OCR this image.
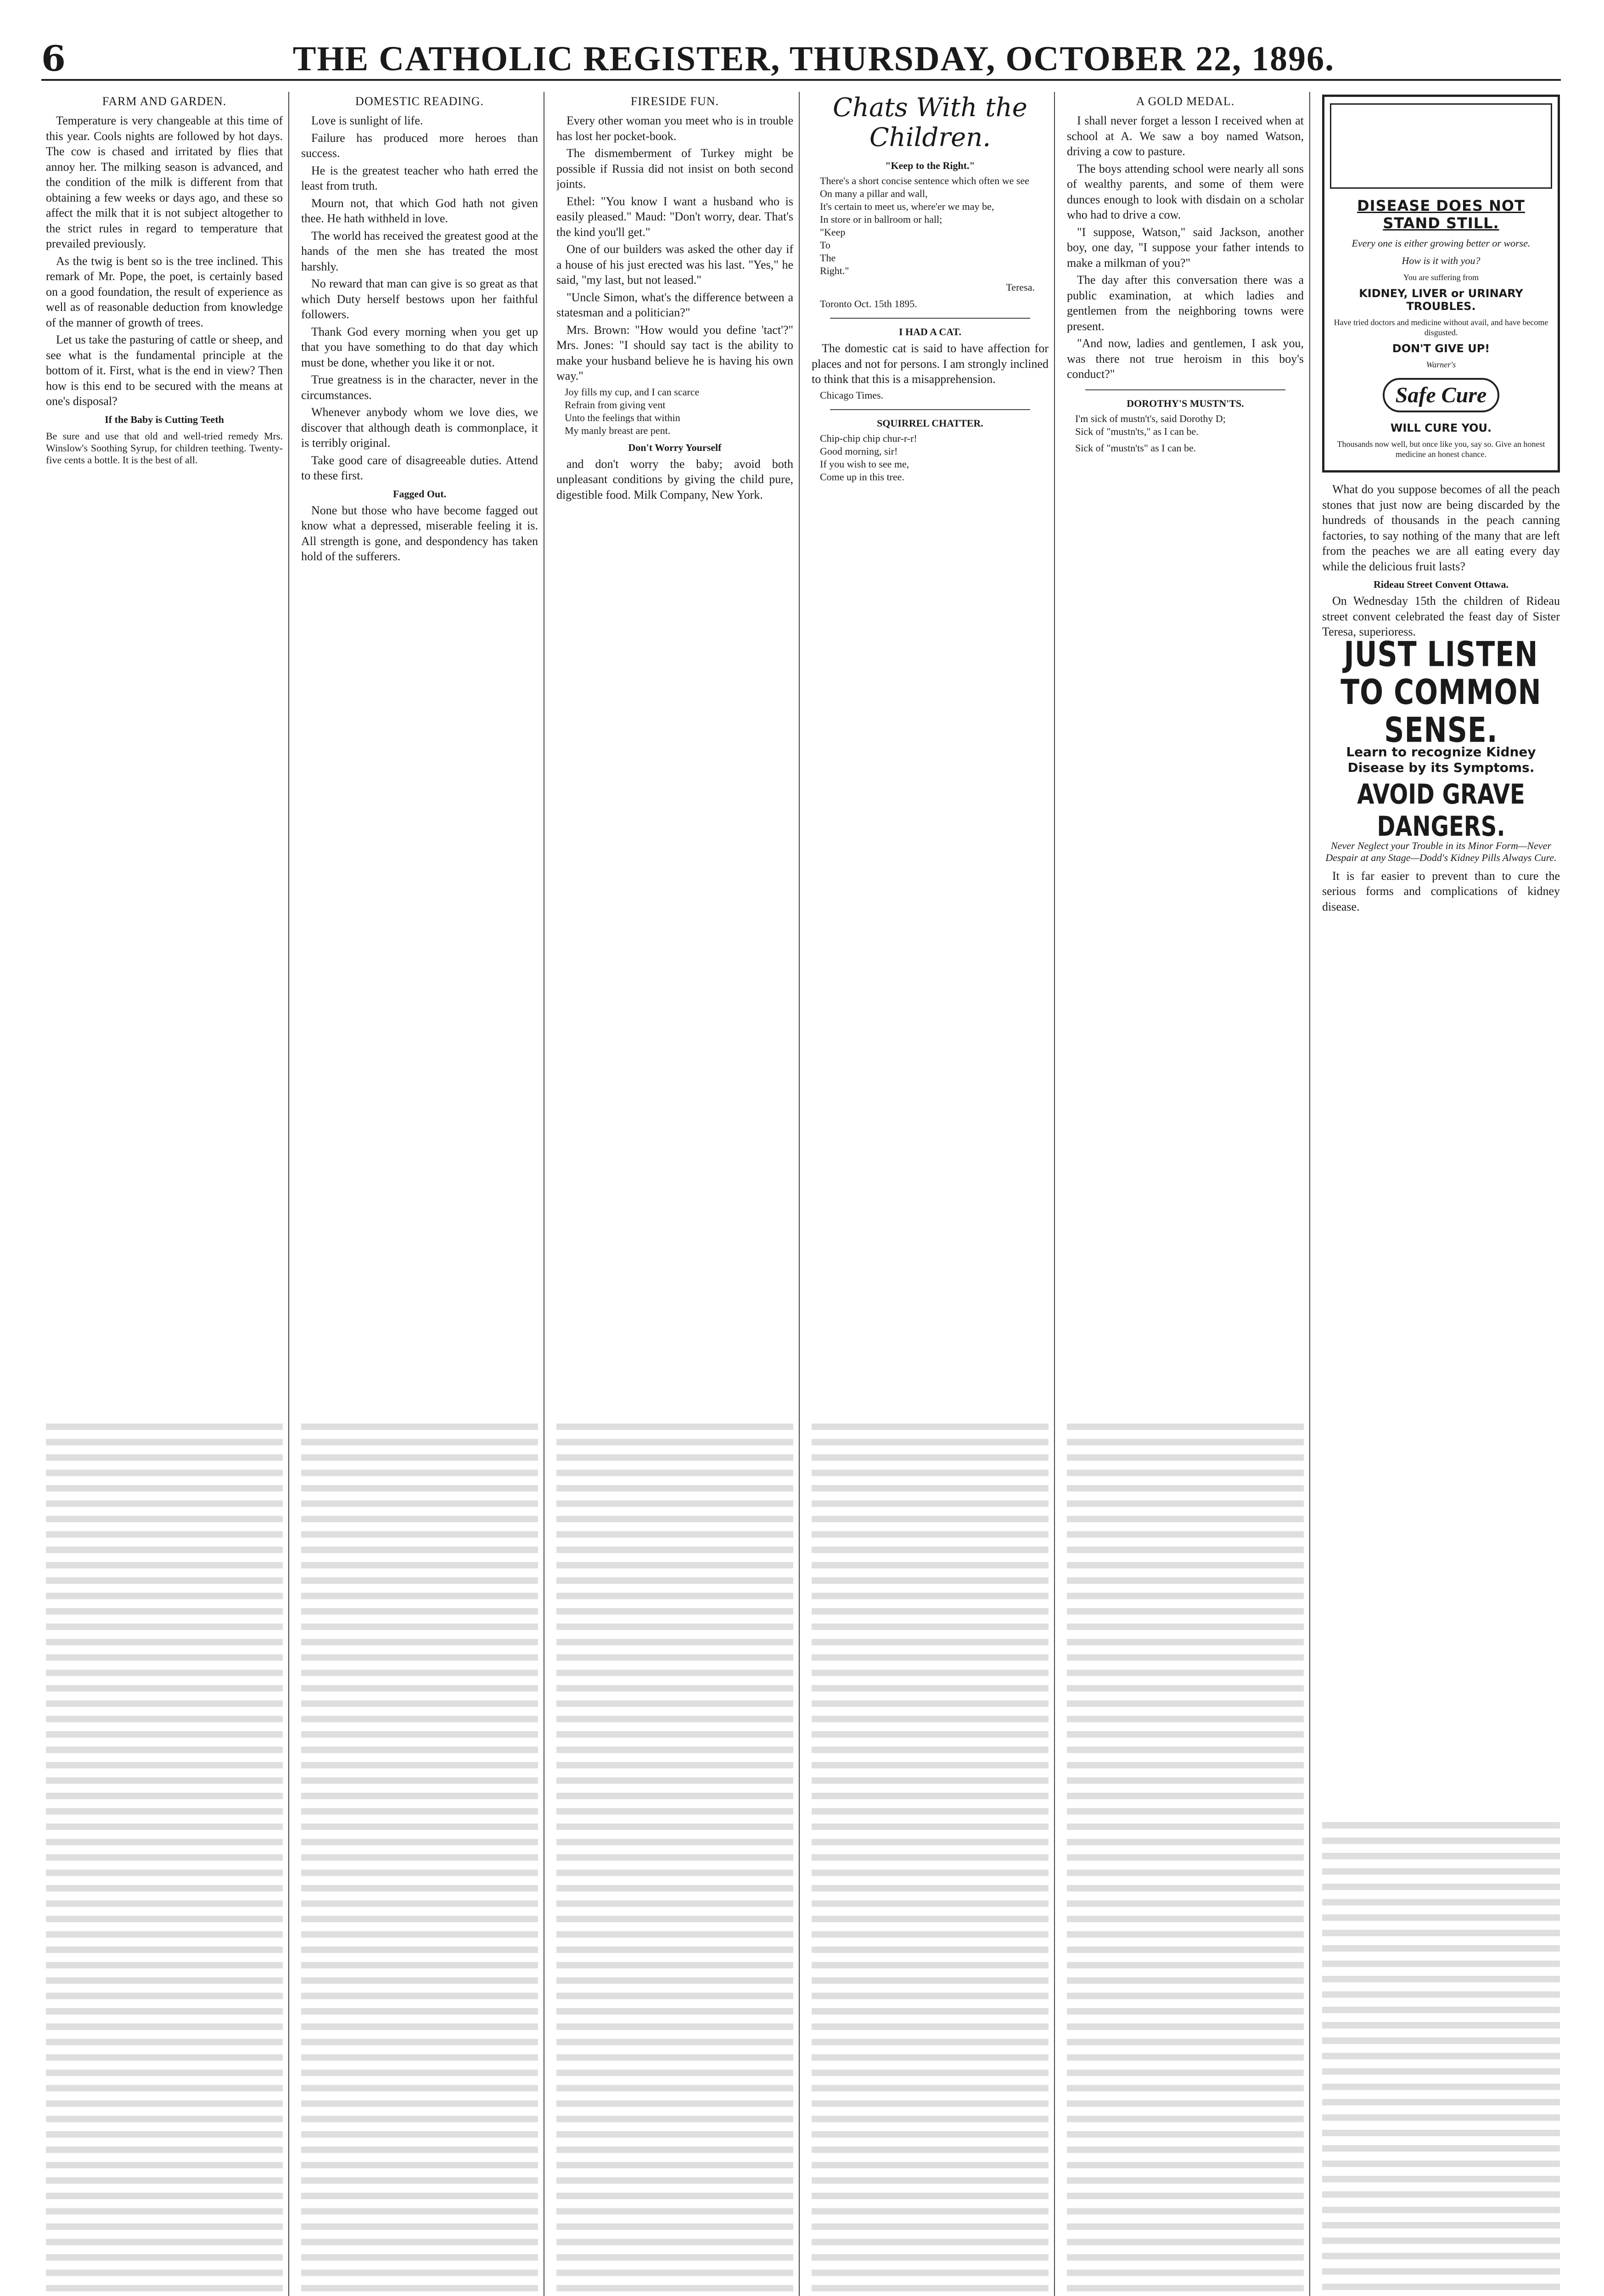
6	THE CATHOLIC REGISTER, THURSDAY, OCTOBER 22, 1896.
FARM AND GARDEN.

Temperature is very changeable at this time of this year. Cools nights are followed by hot days. The cow is chased and irritated by flies that annoy her. The milking season is advanced, and the condition of the milk is different from that obtaining a few weeks or days ago, and these so affect the milk that it is not subject altogether to the strict rules in regard to temperature that prevailed previously.

As the twig is bent so is the tree inclined. This remark of Mr. Pope, the poet, is certainly based on a good foundation, the result of experience as well as of reasonable deduction from knowledge of the manner of growth of trees.

Let us take the pasturing of cattle or sheep, and see what is the fundamental principle at the bottom of it. First, what is the end in view? Then how is this end to be secured with the means at one's disposal?

If the Baby is Cutting Teeth
Be sure and use that old and well-tried remedy Mrs. Winslow's Soothing Syrup, for children teething. Twenty-five cents a bottle. It is the best of all.
DOMESTIC READING.

Love is sunlight of life.

Failure has produced more heroes than success.

He is the greatest teacher who hath erred the least from truth.

Mourn not, that which God hath not given thee. He hath withheld in love.

The world has received the greatest good at the hands of the men she has treated the most harshly.

No reward that man can give is so great as that which Duty herself bestows upon her faithful followers.

Thank God every morning when you get up that you have something to do that day which must be done, whether you like it or not.

True greatness is in the character, never in the circumstances.

Whenever anybody whom we love dies, we discover that although death is commonplace, it is terribly original.

Take good care of disagreeable duties. Attend to these first.

Fagged Out.

None but those who have become fagged out know what a depressed, miserable feeling it is. All strength is gone, and despondency has taken hold of the sufferers.

FIRESIDE FUN.

Every other woman you meet who is in trouble has lost her pocket-book.

The dismemberment of Turkey might be possible if Russia did not insist on both second joints.

Ethel: "You know I want a husband who is easily pleased." Maud: "Don't worry, dear. That's the kind you'll get."

One of our builders was asked the other day if a house of his just erected was his last. "Yes," he said, "my last, but not leased."

"Uncle Simon, what's the difference between a statesman and a politician?"

Mrs. Brown: "How would you define 'tact'?" Mrs. Jones: "I should say tact is the ability to make your husband believe he is having his own way."

Joy fills my cup, and I can scarce
Refrain from giving vent
Unto the feelings that within
My manly breast are pent.
Don't Worry Yourself

and don't worry the baby; avoid both unpleasant conditions by giving the child pure, digestible food. Milk Company, New York.

Chats With the Children.
"Keep to the Right."
There's a short concise sentence which often we see
On many a pillar and wall,
It's certain to meet us, where'er we may be,
In store or in ballroom or hall;
"Keep
To
The
Right."
Teresa.
Toronto Oct. 15th 1895.
I HAD A CAT.

The domestic cat is said to have affection for places and not for persons. I am strongly inclined to think that this is a misapprehension.

Chicago Times.
SQUIRREL CHATTER.
Chip-chip chip chur-r-r!
Good morning, sir!
If you wish to see me,
Come up in this tree.
A GOLD MEDAL.

I shall never forget a lesson I received when at school at A. We saw a boy named Watson, driving a cow to pasture.

The boys attending school were nearly all sons of wealthy parents, and some of them were dunces enough to look with disdain on a scholar who had to drive a cow.

"I suppose, Watson," said Jackson, another boy, one day, "I suppose your father intends to make a milkman of you?"

The day after this conversation there was a public examination, at which ladies and gentlemen from the neighboring towns were present.

"And now, ladies and gentlemen, I ask you, was there not true heroism in this boy's conduct?"

DOROTHY'S MUSTN'TS.
I'm sick of mustn't's, said Dorothy D;
Sick of "mustn'ts," as I can be.
Sick of "mustn'ts" as I can be.
DISEASE DOES NOT STAND STILL.
Every one is either growing better or worse.
How is it with you?
You are suffering from
KIDNEY, LIVER or URINARY TROUBLES.
Have tried doctors and medicine without avail, and have become disgusted.
DON'T GIVE UP!
Warner's
Safe Cure
WILL CURE YOU.
Thousands now well, but once like you, say so. Give an honest medicine an honest chance.

What do you suppose becomes of all the peach stones that just now are being discarded by the hundreds of thousands in the peach canning factories, to say nothing of the many that are left from the peaches we are all eating every day while the delicious fruit lasts?

Rideau Street Convent Ottawa.

On Wednesday 15th the children of Rideau street convent celebrated the feast day of Sister Teresa, superioress.

JUST LISTEN TO COMMON SENSE.
Learn to recognize Kidney Disease by its Symptoms.
AVOID GRAVE DANGERS.
Never Neglect your Trouble in its Minor Form—Never Despair at any Stage—Dodd's Kidney Pills Always Cure.

It is far easier to prevent than to cure the serious forms and complications of kidney disease.
